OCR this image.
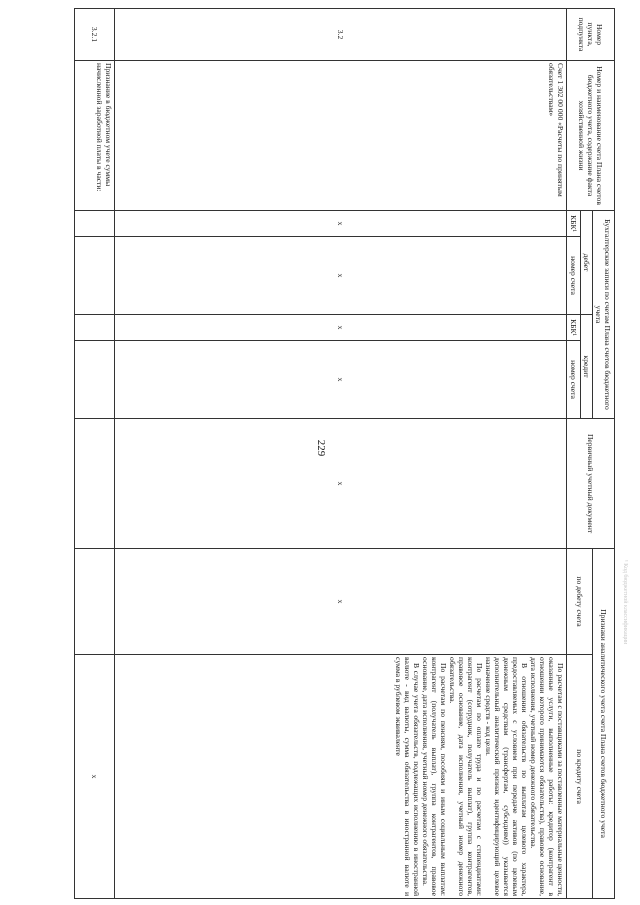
229
Номер пункта, подпункта	Номер и наименование счета Плана счетов бюджетного учета, содержание факта хозяйственной жизни	Бухгалтерские записи по счетам Плана счетов бюджетного учета				Первичный учетный документ	Признаки аналитического учета счета Плана счетов бюджетного учета	
		дебет		кредит			по дебету счета	по кредиту счета
		КБК¹	номер счета	КБК¹	номер счета			
3.2	Счет 1 302 00 000 «Расчеты по принятым обязательствам»	х	х	х	х	х	х	По расчетам с поставщиками за поставленные материальные ценности, оказанные услуги, выполненные работы: кредитор (контрагент в отношении которого принимаются обязательства), правовое основание, дата исполнения, учетный номер денежного обязательства.

В отношении обязательств по выплатам целевого характера, предоставляемых с условием при передаче активов (по целевым денежным средствам (трансфертам, субсидиям)) указывается дополнительный аналитический признак идентифицирующий целевое назначение средств - код цели.

По расчетам по оплате труда и по расчетам с стипендиатами: контрагент (сотрудник, получатель выплат), группа контрагентов, правовое основание, дата исполнения, учетный номер денежного обязательства.

По расчетам по пенсиям, пособиям и иным социальным выплатам: контрагент (получатель выплат), группа контрагентов, правовое основание, дата исполнения, учетный номер денежного обязательства.

В случае учета обязательств, подлежащих исполнению в иностранной валюте - вид валюты, сумма обязательства в иностранной валюте и сумма в рублевом эквиваленте

3.2.1	Признание в бюджетном учете суммы начисленной заработной платы в части:							х
¹ Код бюджетной классификации
